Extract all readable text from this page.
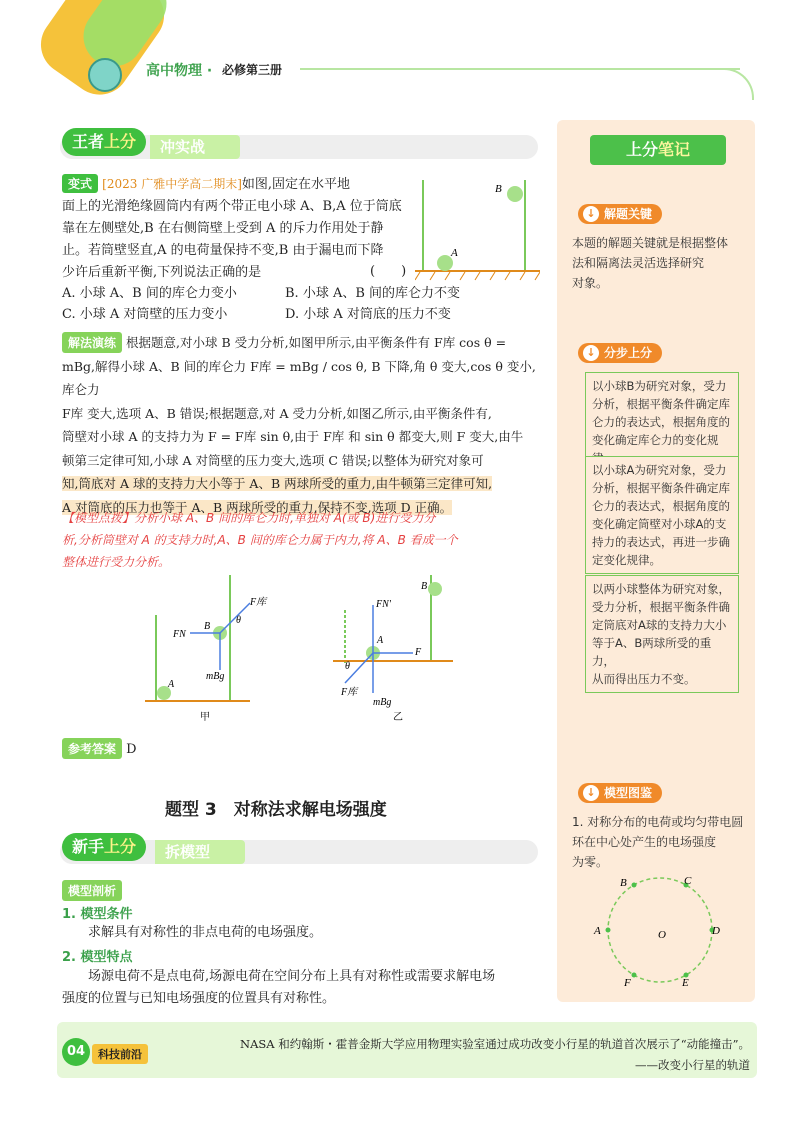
高中物理 · 必修第三册
冲实战
王者上分
变式 [2023 广雅中学高二期末]如图,固定在水平地
面上的光滑绝缘圆筒内有两个带正电小球 A、B,A 位于筒底
靠在左侧壁处,B 在右侧筒壁上受到 A 的斥力作用处于静
止。若筒壁竖直,A 的电荷量保持不变,B 由于漏电而下降
少许后重新平衡,下列说法正确的是	(　　)
A. 小球 A、B 间的库仑力变小	B. 小球 A、B 间的库仑力不变
C. 小球 A 对筒壁的压力变小	D. 小球 A 对筒底的压力不变
B
A
解法演练 根据题意,对小球 B 受力分析,如图甲所示,由平衡条件有 F库 cos θ =
mBg,解得小球 A、B 间的库仑力 F库 = mBg / cos θ, B 下降,角 θ 变大,cos θ 变小,库仑力
F库 变大,选项 A、B 错误;根据题意,对 A 受力分析,如图乙所示,由平衡条件有,
筒壁对小球 A 的支持力为 F = F库 sin θ,由于 F库 和 sin θ 都变大,则 F 变大,由牛
顿第三定律可知,小球 A 对筒壁的压力变大,选项 C 错误;以整体为研究对象可
知,筒底对 A 球的支持力大小等于 A、B 两球所受的重力,由牛顿第三定律可知,
A 对筒底的压力也等于 A、B 两球所受的重力,保持不变,选项 D 正确。
【模型点拨】分析小球 A、B 间的库仑力时,单独对 A(或 B)进行受力分
析,分析筒壁对 A 的支持力时,A、B 间的库仑力属于内力,将 A、B 看成一个
整体进行受力分析。
F库
FN
B
θ
mBg
A
甲
B
FN'
A
F
θ
F库
mBg
乙
参考答案 D
题型 3　对称法求解电场强度
拆模型
新手上分
模型剖析
1. 模型条件
求解具有对称性的非点电荷的电场强度。
2. 模型特点
场源电荷不是点电荷,场源电荷在空间分布上具有对称性或需要求解电场
强度的位置与已知电场强度的位置具有对称性。
上分笔记
↓ 解题关键
本题的解题关键就是根据整体
法和隔离法灵活选择研究
对象。
↓ 分步上分
以小球B为研究对象，受力
分析，根据平衡条件确定库
仑力的表达式，根据角度的
变化确定库仑力的变化规
以小球A为研究对象，受力
分析，根据平衡条件确定库
仑力的表达式，根据角度的
变化确定筒壁对小球A的支
持力的表达式，再进一步确
定变化规律。
以两小球整体为研究对象，
受力分析，根据平衡条件确
定筒底对A球的支持力大小
等于A、B两球所受的重力，
从而得出压力不变。
↓ 模型图鉴
1. 对称分布的电荷或均匀带电圆
环在中心处产生的电场强度
为零。
B	C
A	O	D
F	E
04	科技前沿
NASA 和约翰斯・霍普金斯大学应用物理实验室通过成功改变小行星的轨道首次展示了“动能撞击”。
——改变小行星的轨道
